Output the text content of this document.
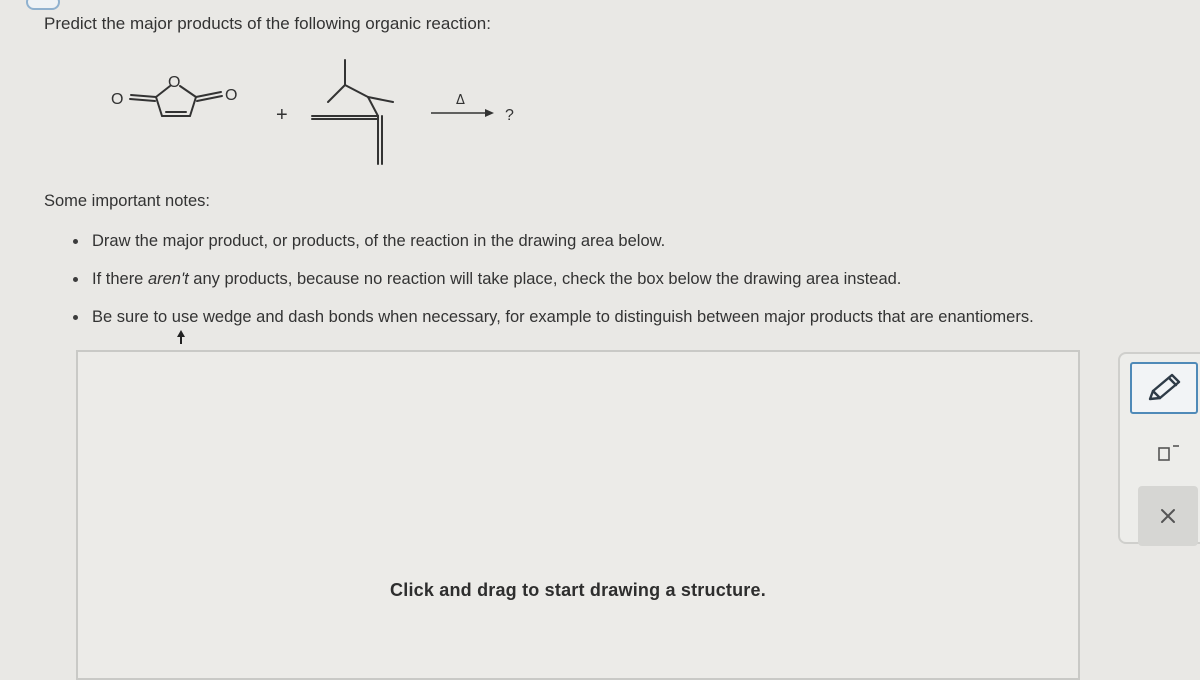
Predict the major products of the following organic reaction:
O
O	O
+
Δ
?
Some important notes:
Draw the major product, or products, of the reaction in the drawing area below.
If there aren't any products, because no reaction will take place, check the box below the drawing area instead.
Be sure to use wedge and dash bonds when necessary, for example to distinguish between major products that are enantiomers.
Click and drag to start drawing a structure.
